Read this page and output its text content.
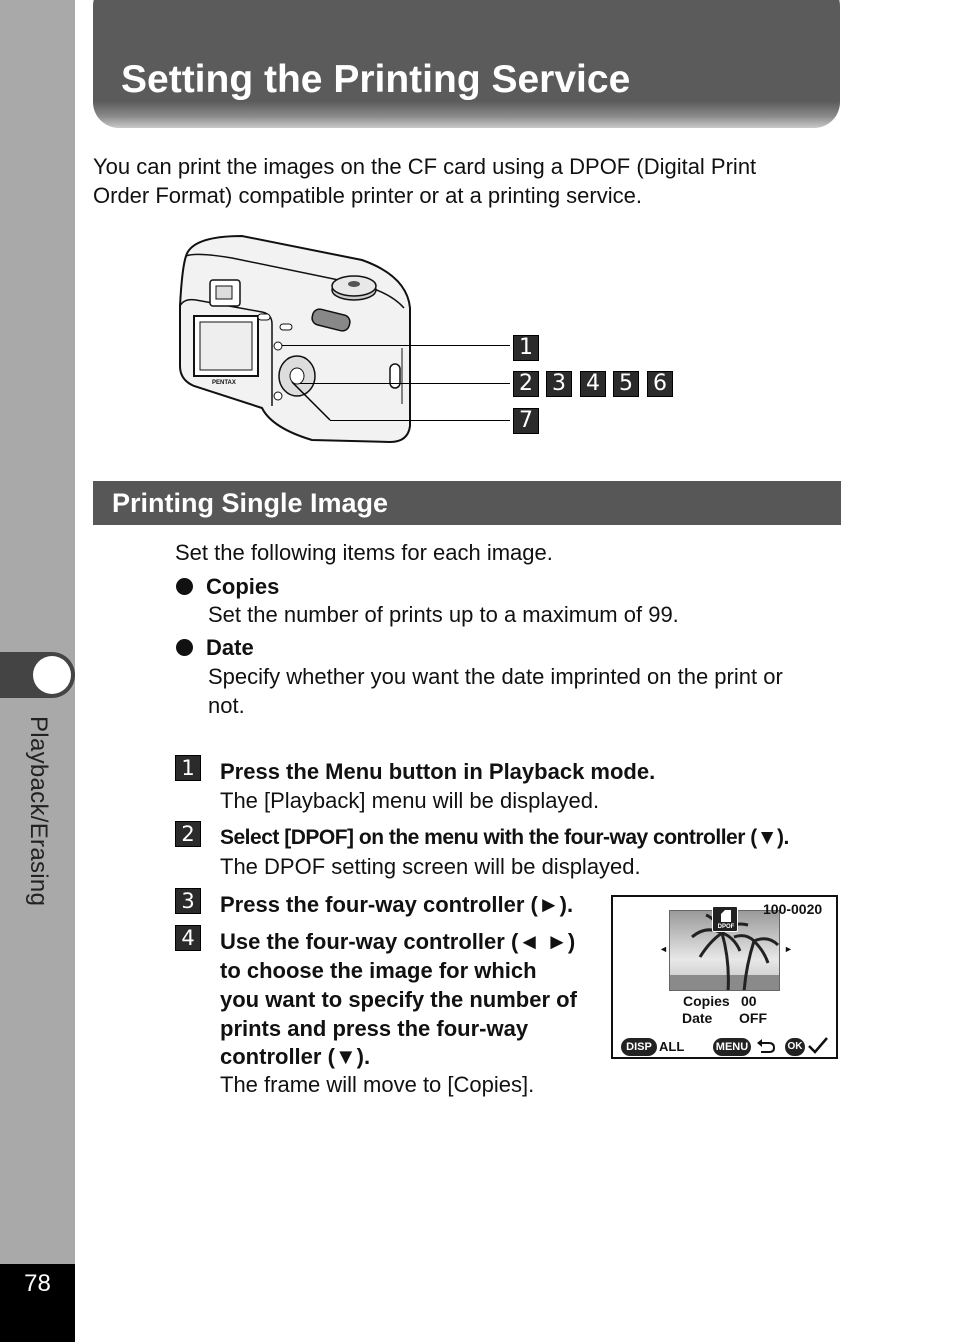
Playback/Erasing
78
Setting the Printing Service
You can print the images on the CF card using a DPOF (Digital Print
Order Format) compatible printer or at a printing service.
PENTAX
1
2 3 4 5 6
7
Printing Single Image
Set the following items for each image.
Copies
Set the number of prints up to a maximum of 99.
Date
Specify whether you want the date imprinted on the print or
not.
1 Press the Menu button in Playback mode.
The [Playback] menu will be displayed.
2	Select [DPOF] on the menu with the four-way controller (▼).
The DPOF setting screen will be displayed.
3 Press the four-way controller (►).
4 Use the four-way controller (◄ ►)
to choose the image for which
you want to specify the number of
prints and press the four-way
controller (▼).
The frame will move to [Copies].
DPOF
100-0020
◄	►
Copies 00
Date OFF
DISP ALL	MENU	OK
